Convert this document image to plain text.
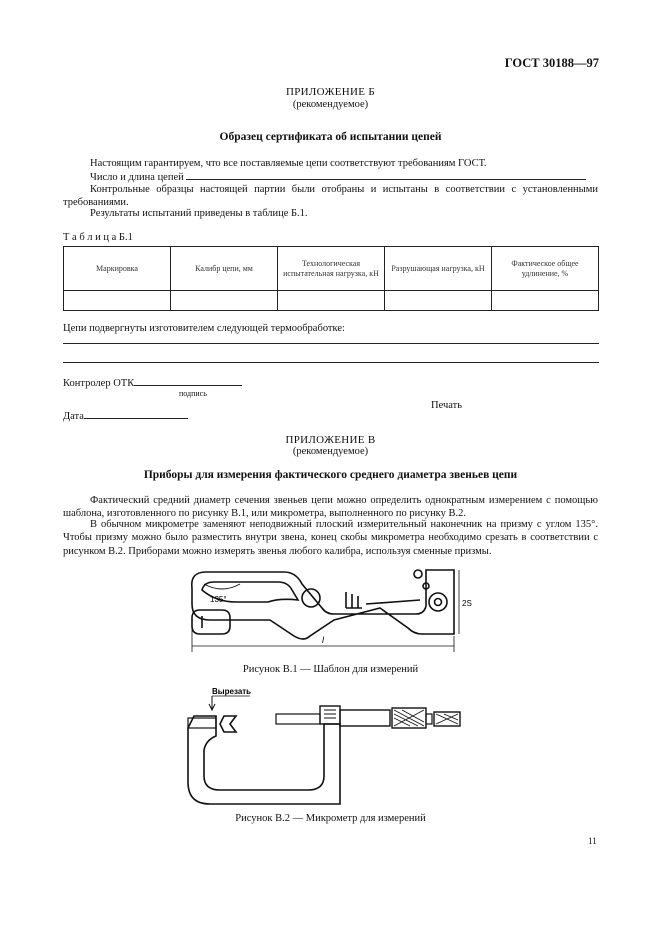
ГОСТ 30188—97
ПРИЛОЖЕНИЕ Б
(рекомендуемое)
Образец сертификата об испытании цепей
Настоящим гарантируем, что все поставляемые цепи соответствуют требованиям ГОСТ.
Число и длина цепей
Контрольные образцы настоящей партии были отобраны и испытаны в соответствии с установленными требованиями.
Результаты испытаний приведены в таблице Б.1.
Т а б л и ц а Б.1
Маркировка	Калибр цепи, мм	Технологическая испытательная нагрузка, кН	Разрушающая нагрузка, кН	Фактическое общее удлинение, %

Цепи подвергнуты изготовителем следующей термообработке:
Контролер ОТК
подпись
Печать
Дата
ПРИЛОЖЕНИЕ В
(рекомендуемое)
Приборы для измерения фактического среднего диаметра звеньев цепи
Фактический средний диаметр сечения звеньев цепи можно определить однократным измерением с помощью шаблона, изготовленного по рисунку В.1, или микрометра, выполненного по рисунку В.2.
В обычном микрометре заменяют неподвижный плоский измерительный наконечник на призму с углом 135°. Чтобы призму можно было разместить внутри звена, конец скобы микрометра необходимо срезать в соответствии с рисунком В.2. Приборами можно измерять звенья любого калибра, используя сменные призмы.
135°	2S
l
Рисунок В.1 — Шаблон для измерений
Вырезать
Рисунок В.2 — Микрометр для измерений
11
